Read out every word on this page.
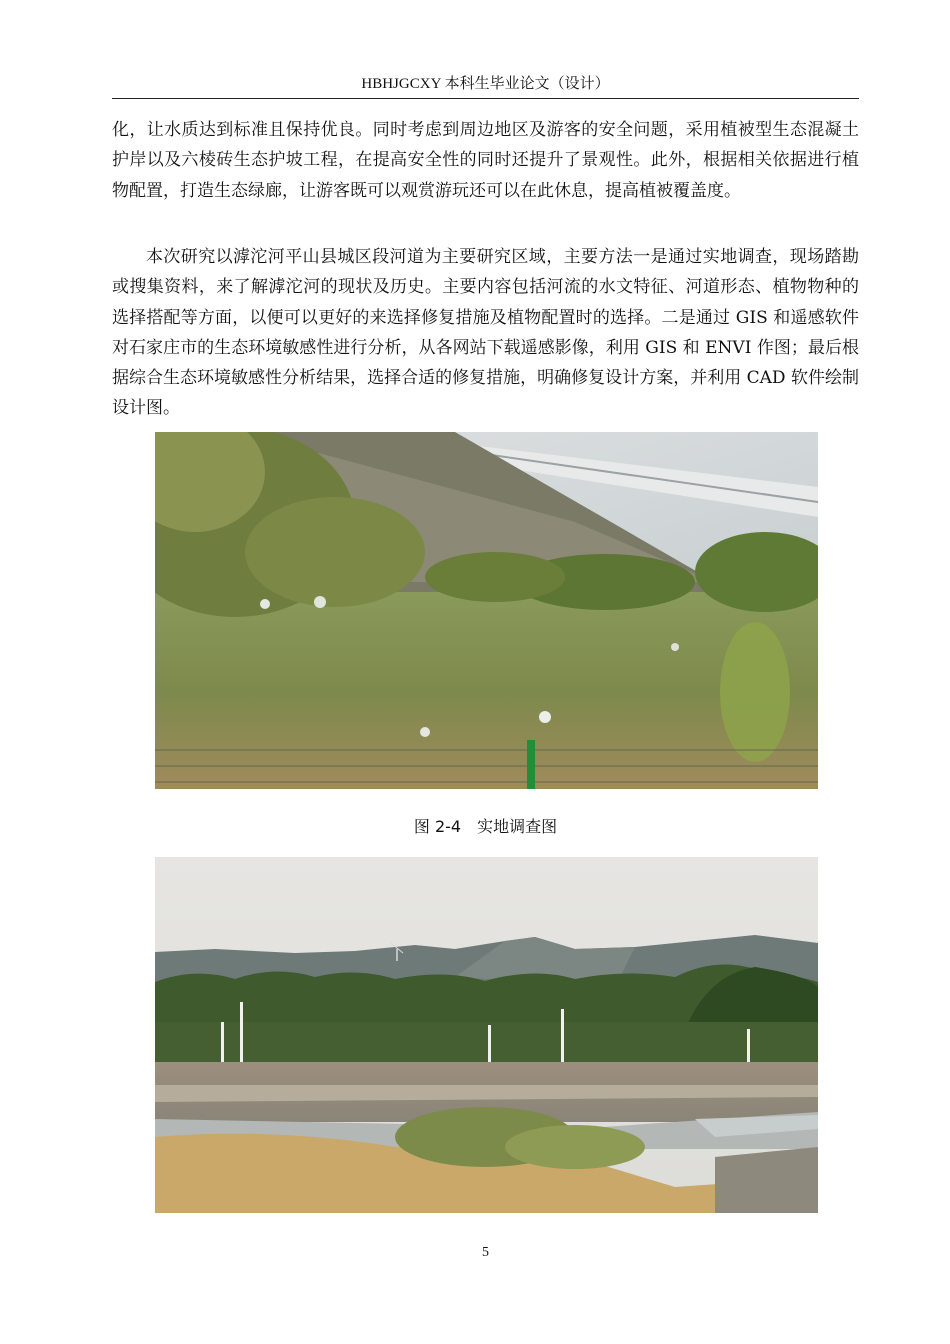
HBHJGCXY 本科生毕业论文（设计）

化，让水质达到标准且保持优良。同时考虑到周边地区及游客的安全问题，采用植被型生态混凝土护岸以及六棱砖生态护坡工程，在提高安全性的同时还提升了景观性。此外，根据相关依据进行植物配置，打造生态绿廊，让游客既可以观赏游玩还可以在此休息，提高植被覆盖度。

本次研究以滹沱河平山县城区段河道为主要研究区域，主要方法一是通过实地调查，现场踏勘或搜集资料，来了解滹沱河的现状及历史。主要内容包括河流的水文特征、河道形态、植物物种的选择搭配等方面，以便可以更好的来选择修复措施及植物配置时的选择。二是通过 GIS 和遥感软件对石家庄市的生态环境敏感性进行分析，从各网站下载遥感影像，利用 GIS 和 ENVI 作图；最后根据综合生态环境敏感性分析结果，选择合适的修复措施，明确修复设计方案，并利用 CAD 软件绘制设计图。

图 2-4　实地调查图
5
